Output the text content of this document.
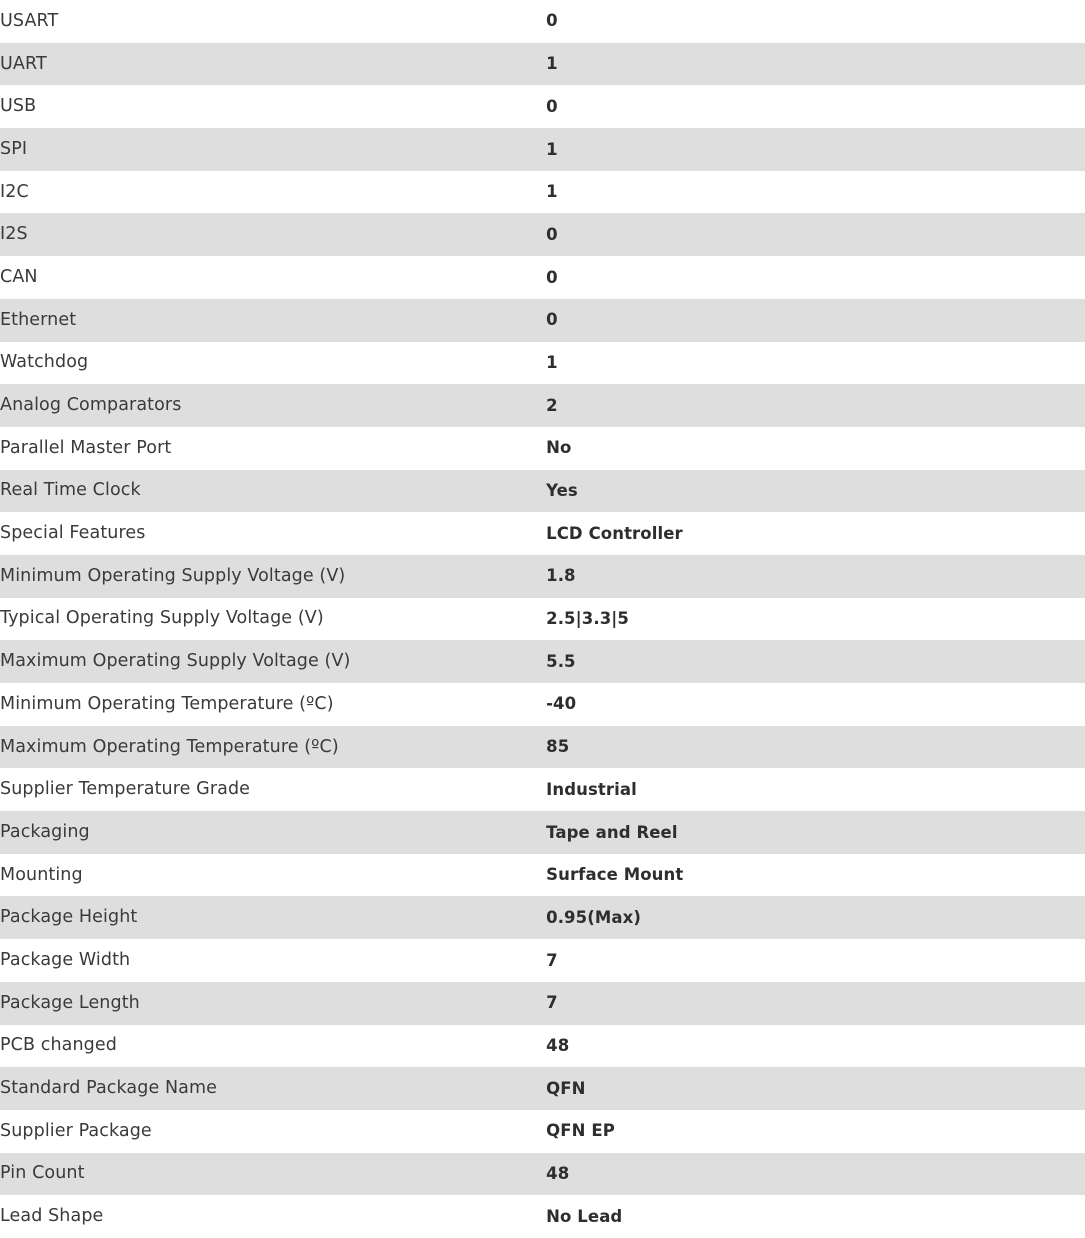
USART	0
UART	1
USB	0
SPI	1
I2C	1
I2S	0
CAN	0
Ethernet	0
Watchdog	1
Analog Comparators	2
Parallel Master Port	No
Real Time Clock	Yes
Special Features	LCD Controller
Minimum Operating Supply Voltage (V)	1.8
Typical Operating Supply Voltage (V)	2.5|3.3|5
Maximum Operating Supply Voltage (V)	5.5
Minimum Operating Temperature (ºC)	-40
Maximum Operating Temperature (ºC)	85
Supplier Temperature Grade	Industrial
Packaging	Tape and Reel
Mounting	Surface Mount
Package Height	0.95(Max)
Package Width	7
Package Length	7
PCB changed	48
Standard Package Name	QFN
Supplier Package	QFN EP
Pin Count	48
Lead Shape	No Lead
